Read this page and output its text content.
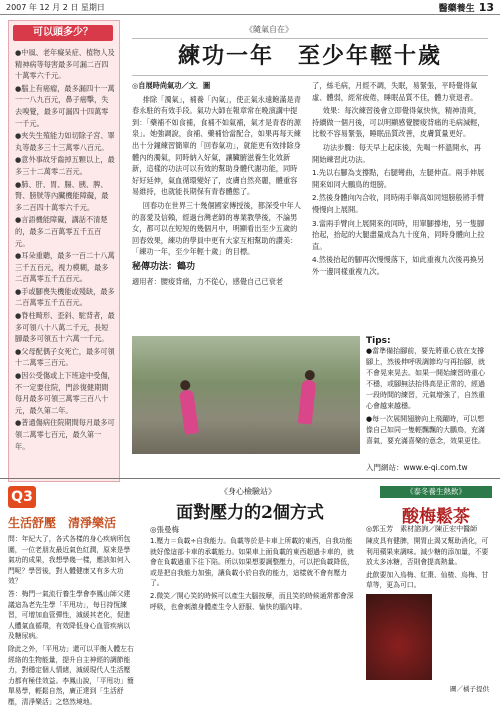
2007 年 12 月 2 日 星期日	醫藥養生 13
可以頭多少？

●中風、老年癡呆症、植物人及精神病等每害最多可漏二百四十萬零六千元。

●腦上有癌瘤，最多漏四十一萬一一八九百元，鼻子癌擊，失去嗅覺，最多可漏四十四萬零一千元。

●夾失生殖能力如切除子宮、睪丸等最多三十三萬零八百元。

●意外事故牙齒掉五顆以上，最多三十二萬零二百元。

●肺、肝、胃、腸、胰、脾、腎、膀胱等內臟機能障礙，最多二百四十萬零六千元。

●言語機能障礙，講話不清楚的，最多二百萬零五千五百元。

●耳朵重聽，最多一百二十八萬三千五百元，視力模糊，最多二百萬零五千五百元。

●手或腳喪失機能或殘缺，最多二百萬零五千五百元。

●脊柱畸形、歪斜、駝背者，最多可領八十八萬二千元，長短腳最多可領五十六萬一千元。

●父母配偶子女死亡，最多可領十二萬零三百元。

●因公受傷或上下班途中受傷，不一定要住院，門診復健期間每月最多可領三萬零三百八十元，最久第二年。

●普通傷病住院期間每月最多可領二萬零七百元，最久第一年。

《隨氣自在》
練功一年　至少年輕十歲
◎自展時尚氣功／文．圖

排除「濁氣」，補養「內氣」，使正氣永遠飽滿是青春永駐的有效手段。氣功大師在報章常在晚演講中提到：「藥補不如食補，食補不如氣補，氣才是青春的源泉」。她強調說，食補、藥補恰當配合，如果再每天練出十分鐘練習簡單的「回春氣功」，就能更有效排除身體內的濁氣，同時納入好氣，讓臟腑滋養生化效新新，這樣的功法可以有效的幫助身體代謝功能，同時好好延伸，氣血循環變好了，皮膚自然亮麗，體重容易維持，也就能長期保有青春體態了。

回春功在世界三十幾個國家傳授後，都深受中年人的喜愛及信賴，經過台灣老師的專業教學後，不論男女，都可以在短短的幾個月中，明顯看出至少五歲的回春效果，練功的學員中更有大家互相幫助的讚美：「練功一年，至少年輕十歲」的目標。

秘傳功法：鶴功
適用者：腰痠背痛，力不從心，感覺自己已衰老

了，絲毛病，月經不調，失眠，易緊張，平時覺得氣虛、體弱，經常疲倦，睡眠品質不佳，體力衰退者。

效果：每次練習後會立即覺得氣快恢，精神清爽，持續做一個月後，可以明顯感覺腰痠背痛的毛病減輕，比較不容易緊張，睡眠品質改善，皮膚質量更好。

功法步驟：每天早上起床後，先喝一杯溫開水，再開始練習此功法。

1.先以右腳為支撐點，右腿彎曲，左腿伸直。兩手伸展開來如同大鵬鳥的翅膀。

2.然後身體向內合收，同時兩手舉高如同翅膀般將手臂慢慢向上展開。

3.當兩手臂向上展開來的同時，用單腳撐地，另一隻腳抬起，抬起的大腿盡量成為九十度角，同時身體向上拉直。

4.然後抬起的腳再次慢慢落下，如此重複九次後再換另外一邊同樣重複九次。

Tips:

●當準備抬腳前，要先將重心放在支撐腳上，然後伸呼吸調節均勻再抬腳，就不會晃來晃去。如果一開始練習時重心不穩，或腳無法抬得高是正常的，經過一段時間的練習，元氣增強了，自然重心會越來越穩。

●每一次展開翅膀向上飛躍時，可以想像自己如同一隻輕飄飄的大鵬鳥，充滿喜氣，要充滿喜樂的意念，效果更佳。

入門網站：www.e-qi.com.tw
Q3
生活舒壓　清淨樂活

問：年紀大了，各式各樣的身心疾病所包圍，一位老朋友最近氣色紅潤，原來是學氣功的成果，我想學幾一樣，應該如何入門呢？學習後，對人體健康又有多大功效？

答：梅門一氣流行養生學會李鳳山師父建議這為老先生學「平甩功」，每日持恆練習，可增加血管彈性，減緩其老化，促進人體氣血循環，有效降低身心血管疾病以及糖尿病。

除此之外，「平甩功」還可以平衡人體左右經絡的生物能量，提升自主神經的調節能力，對穩定個人情緒，減緩現代人生活壓力都有極佳效益。李鳳山說，「平甩功」簡單易學，輕鬆自然，廣正達到「生活舒壓，清淨樂活」之悠然境地。

《身心檢驗站》
面對壓力的2個方式
◎張曼梅

1.壓力＝負載÷自我能力。負載等於是卡車上所載的東西，自我功能就好像這部卡車的承載能力。如果車上面負載的東西超過卡車的，就會在負載過重下往下陷。所以如果想要調整壓力，可以把負載降低，或是把自我能力加強，讓負載小於自我的能力，這樣就不會有壓力了。

2.微笑／開心笑的時候可以產生大腦按摩，而且笑的時候通常都會深呼吸，也會刺激身體產生令人舒服、愉快的腦內啡。

《泰冬養生熱飲》
酸梅鬆茶
◎郭玉芳　素材諮詢／陳正宏中醫師

陳皮具有健脾，開胃止渴又幫助消化，可利用蘋果來調味。減少糖的添加量，不要放太多冰糖，否則會提高熱量。

此飲要加入烏梅、紅棗、仙楂、烏梅、甘草等，更為可口。

圖／橘子提供
